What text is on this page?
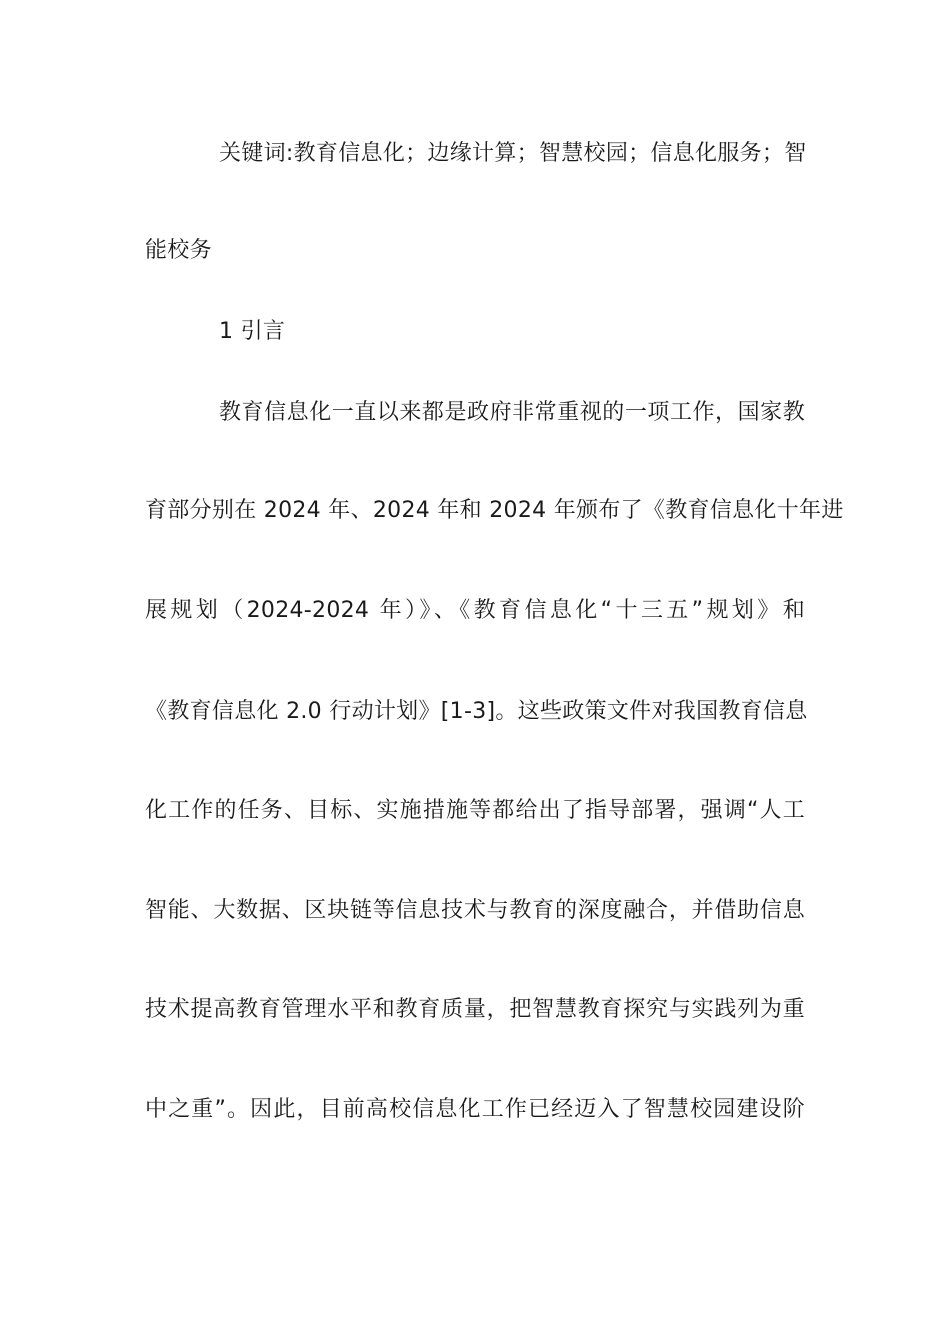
关键词:教育信息化；边缘计算；智慧校园；信息化服务；智
能校务
1 引言
教育信息化一直以来都是政府非常重视的一项工作，国家教
育部分别在 2024 年、2024 年和 2024 年颁布了《教育信息化十年进
展规划（2024-2024 年）》、《教育信息化“十三五”规划》和
《教育信息化 2.0 行动计划》[1-3]。这些政策文件对我国教育信息
化工作的任务、目标、实施措施等都给出了指导部署，强调“人工
智能、大数据、区块链等信息技术与教育的深度融合，并借助信息
技术提高教育管理水平和教育质量，把智慧教育探究与实践列为重
中之重”。因此，目前高校信息化工作已经迈入了智慧校园建设阶
